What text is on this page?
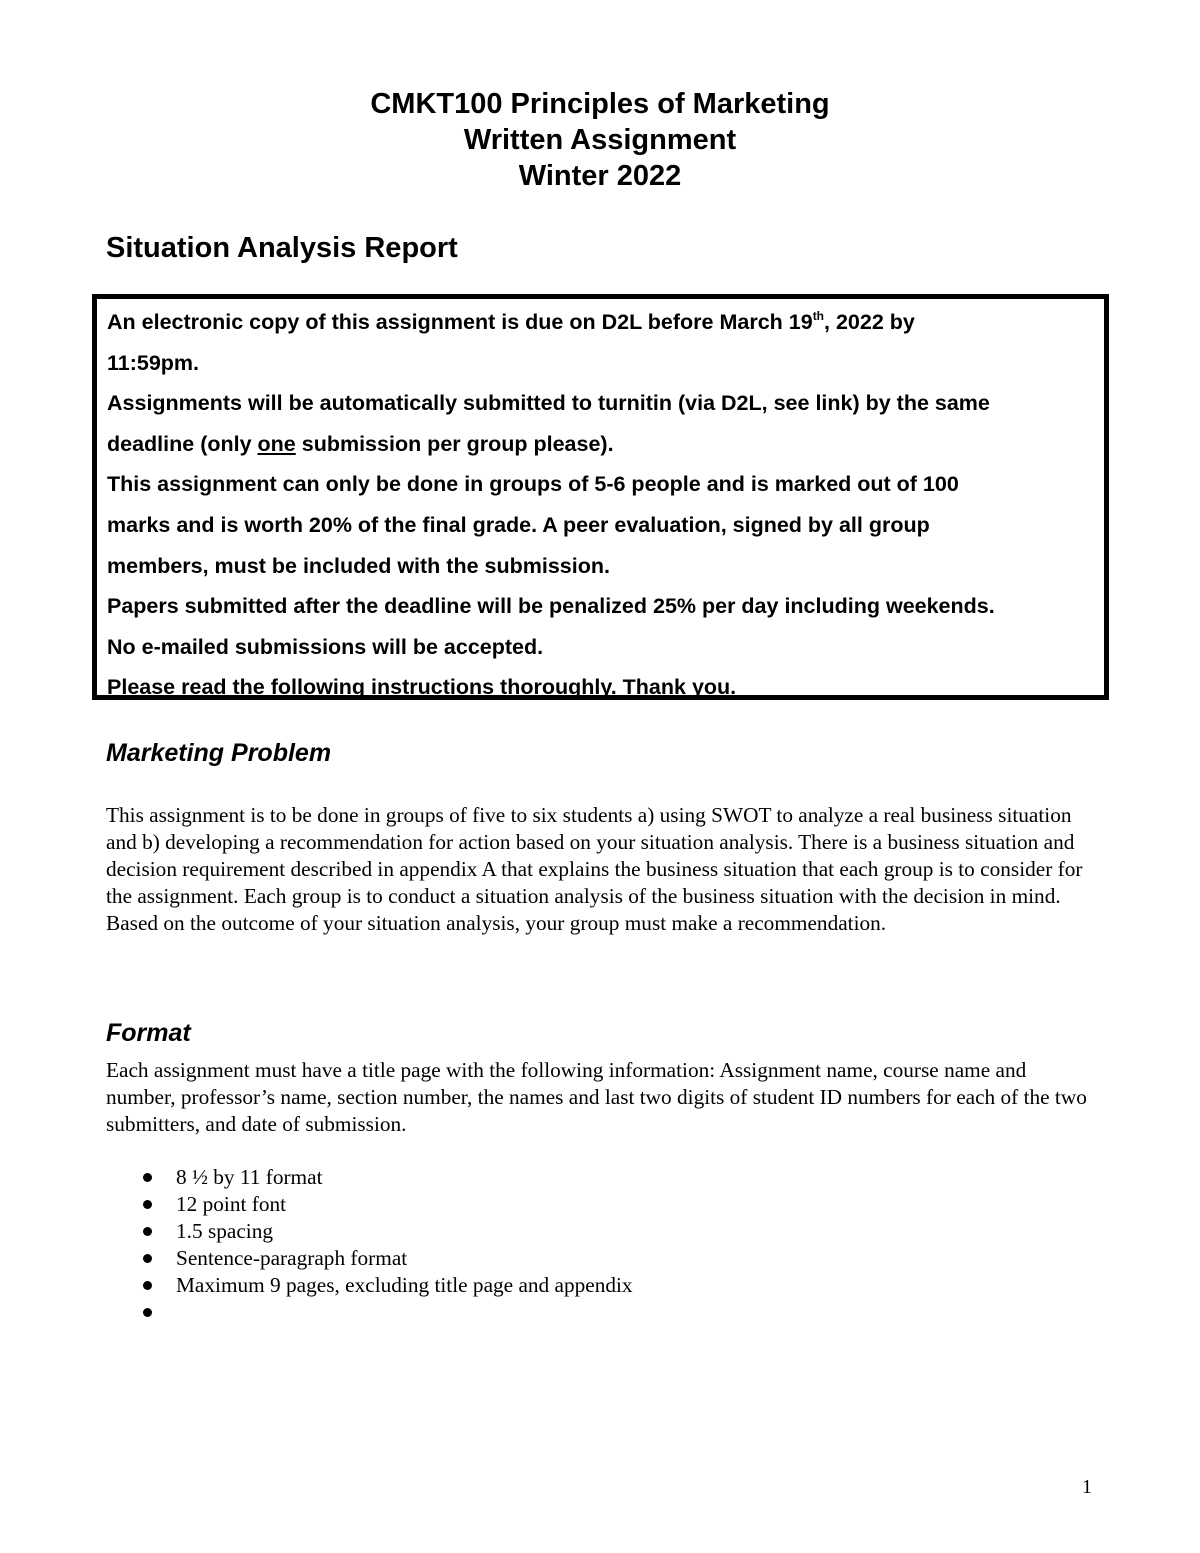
CMKT100 Principles of Marketing
Written Assignment
Winter 2022
Situation Analysis Report

An electronic copy of this assignment is due on D2L before March 19th, 2022 by

11:59pm.

Assignments will be automatically submitted to turnitin (via D2L, see link) by the same

deadline (only one submission per group please).

This assignment can only be done in groups of 5-6 people and is marked out of 100

marks and is worth 20% of the final grade. A peer evaluation, signed by all group

members, must be included with the submission.

Papers submitted after the deadline will be penalized 25% per day including weekends.

No e-mailed submissions will be accepted.

Please read the following instructions thoroughly. Thank you.

Marketing Problem
This assignment is to be done in groups of five to six students a) using SWOT to analyze a real business situation and b) developing a recommendation for action based on your situation analysis. There is a business situation and decision requirement described in appendix A that explains the business situation that each group is to consider for the assignment. Each group is to conduct a situation analysis of the business situation with the decision in mind. Based on the outcome of your situation analysis, your group must make a recommendation.
Format
Each assignment must have a title page with the following information: Assignment name, course name and number, professor’s name, section number, the names and last two digits of student ID numbers for each of the two submitters, and date of submission.
8 ½ by 11 format
12 point font
1.5 spacing
Sentence-paragraph format
Maximum 9 pages, excluding title page and appendix
1
